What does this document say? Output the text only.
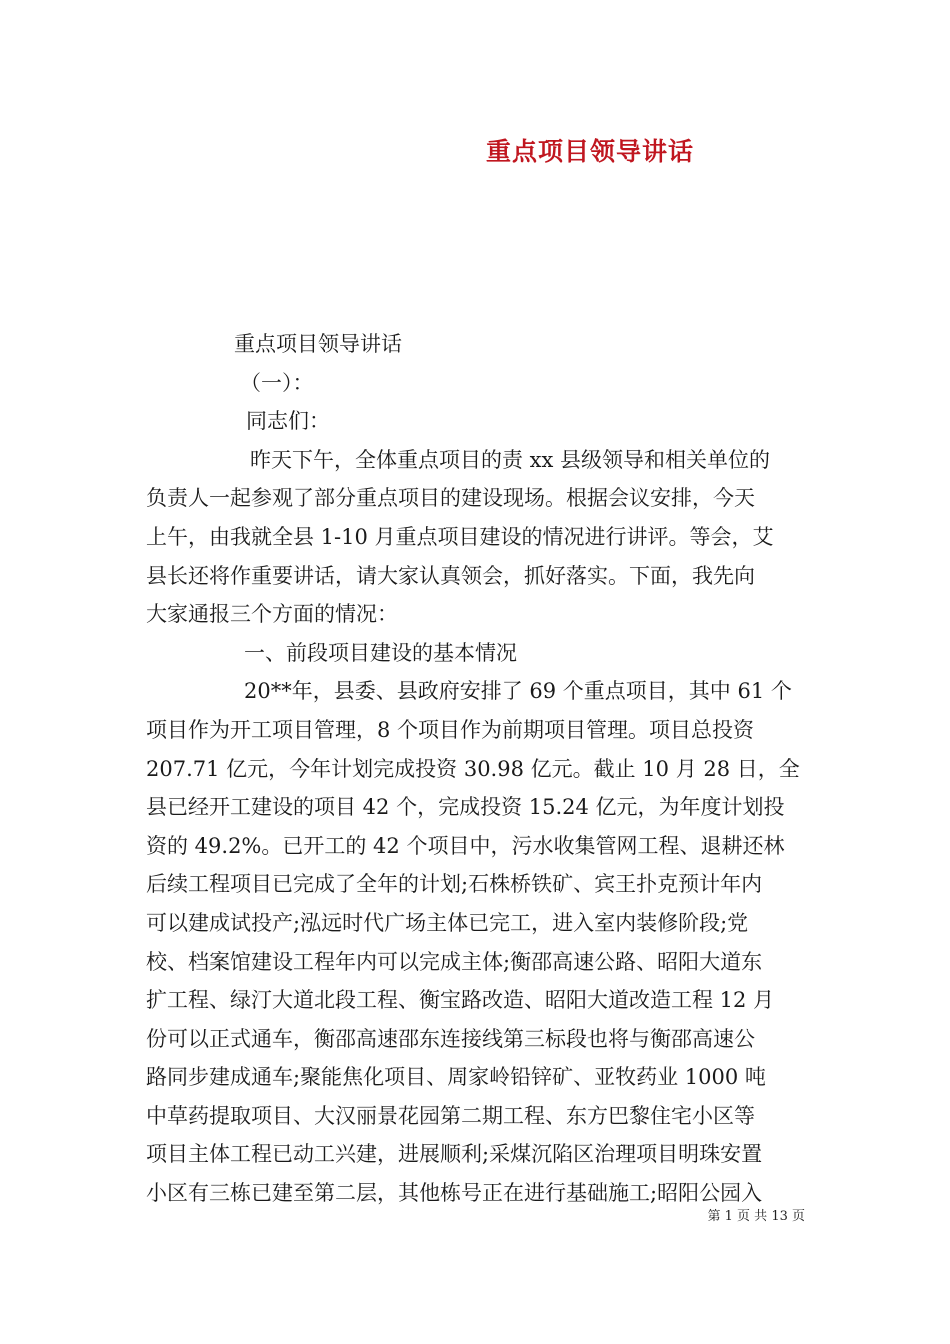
重点项目领导讲话
重点项目领导讲话
（一）：
同志们：
昨天下午，全体重点项目的责 xx 县级领导和相关单位的
负责人一起参观了部分重点项目的建设现场。根据会议安排，今天
上午，由我就全县 1-10 月重点项目建设的情况进行讲评。等会，艾
县长还将作重要讲话，请大家认真领会，抓好落实。下面，我先向
大家通报三个方面的情况：
一、前段项目建设的基本情况
20**年，县委、县政府安排了 69 个重点项目，其中 61 个
项目作为开工项目管理，8 个项目作为前期项目管理。项目总投资
207.71 亿元，今年计划完成投资 30.98 亿元。截止 10 月 28 日，全
县已经开工建设的项目 42 个，完成投资 15.24 亿元，为年度计划投
资的 49.2%。已开工的 42 个项目中，污水收集管网工程、退耕还林
后续工程项目已完成了全年的计划;石株桥铁矿、宾王扑克预计年内
可以建成试投产;泓远时代广场主体已完工，进入室内装修阶段;党
校、档案馆建设工程年内可以完成主体;衡邵高速公路、昭阳大道东
扩工程、绿汀大道北段工程、衡宝路改造、昭阳大道改造工程 12 月
份可以正式通车，衡邵高速邵东连接线第三标段也将与衡邵高速公
路同步建成通车;聚能焦化项目、周家岭铅锌矿、亚牧药业 1000 吨
中草药提取项目、大汉丽景花园第二期工程、东方巴黎住宅小区等
项目主体工程已动工兴建，进展顺利;采煤沉陷区治理项目明珠安置
小区有三栋已建至第二层，其他栋号正在进行基础施工;昭阳公园入
第 1 页 共 13 页
